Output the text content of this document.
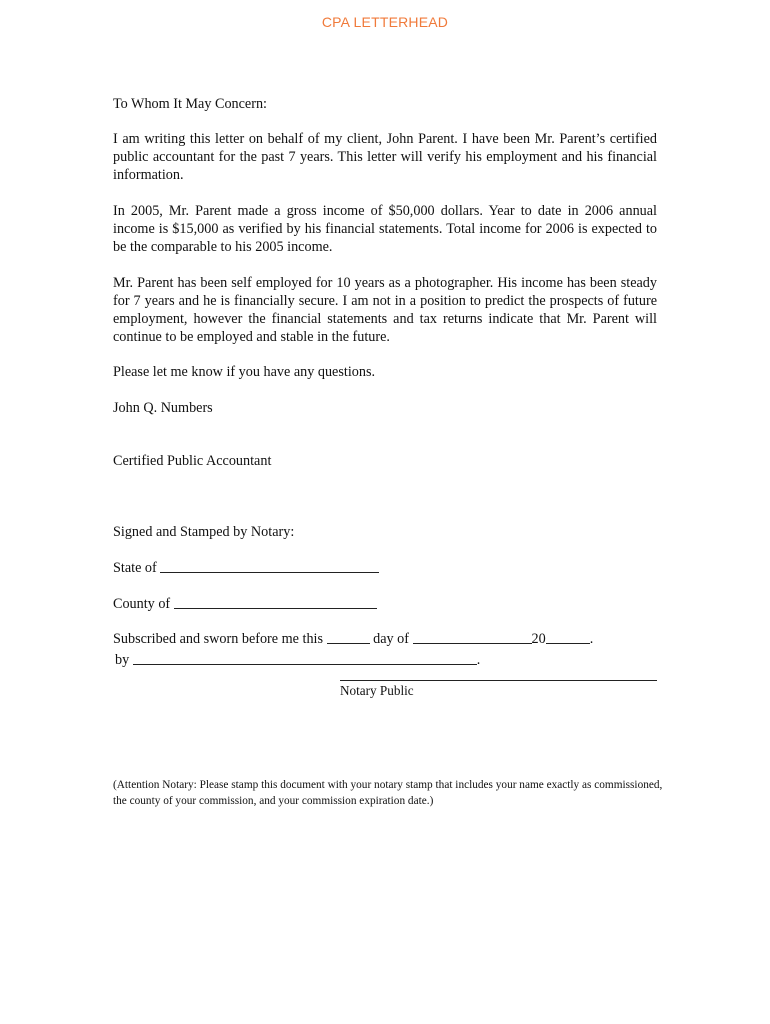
CPA LETTERHEAD
To Whom It May Concern:
I am writing this letter on behalf of my client, John Parent. I have been Mr. Parent’s certified public accountant for the past 7 years. This letter will verify his employment and his financial information.
In 2005, Mr. Parent made a gross income of $50,000 dollars. Year to date in 2006 annual income is $15,000 as verified by his financial statements. Total income for 2006 is expected to be the comparable to his 2005 income.
Mr. Parent has been self employed for 10 years as a photographer. His income has been steady for 7 years and he is financially secure. I am not in a position to predict the prospects of future employment, however the financial statements and tax returns indicate that Mr. Parent will continue to be employed and stable in the future.
Please let me know if you have any questions.
John Q. Numbers
Certified Public Accountant
Signed and Stamped by Notary:
State of
County of
Subscribed and sworn before me this	day of	20	.
by	.
Notary Public
(Attention Notary: Please stamp this document with your notary stamp that includes your name exactly as commissioned, the county of your commission, and your commission expiration date.)
